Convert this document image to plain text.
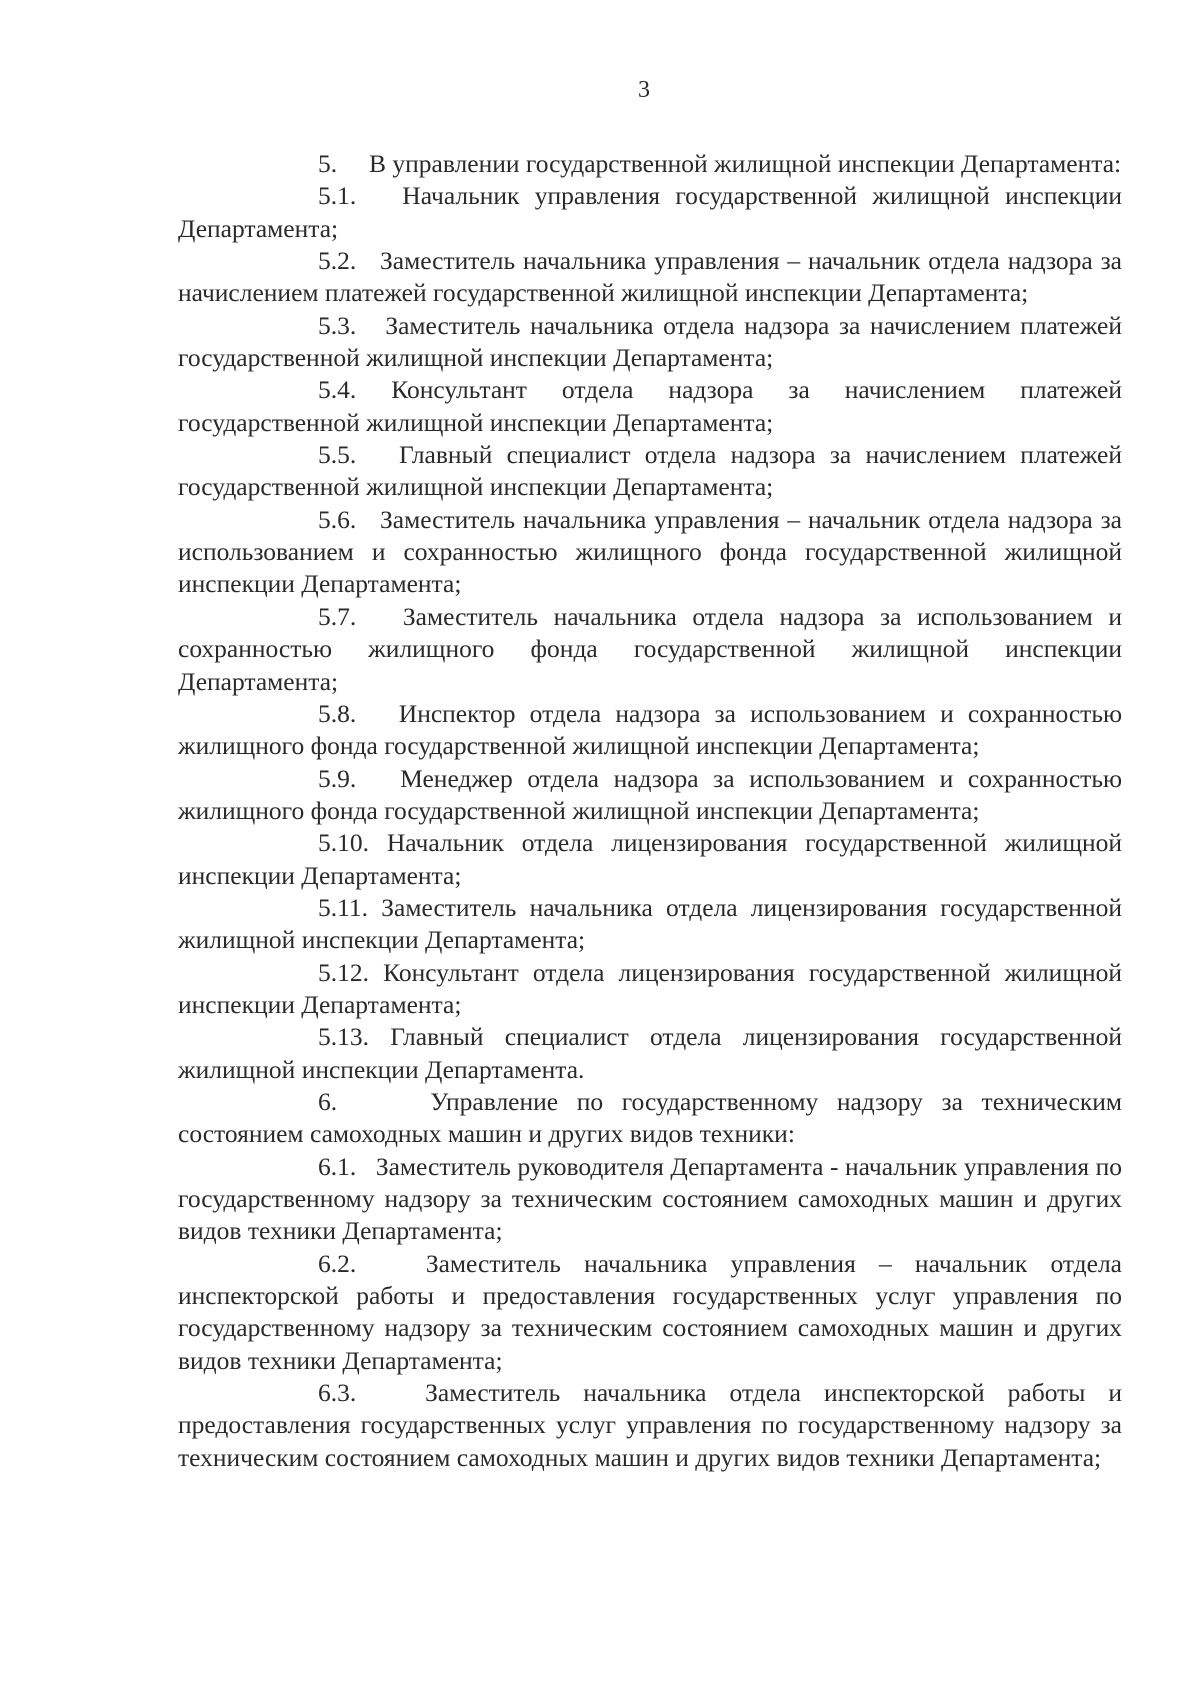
3

5. В управлении государственной жилищной инспекции Департамента:

5.1. Начальник управления государственной жилищной инспекции Департамента;

5.2. Заместитель начальника управления – начальник отдела надзора за начислением платежей государственной жилищной инспекции Департамента;

5.3. Заместитель начальника отдела надзора за начислением платежей государственной жилищной инспекции Департамента;

5.4. Консультант отдела надзора за начислением платежей государственной жилищной инспекции Департамента;

5.5. Главный специалист отдела надзора за начислением платежей государственной жилищной инспекции Департамента;

5.6. Заместитель начальника управления – начальник отдела надзора за использованием и сохранностью жилищного фонда государственной жилищной инспекции Департамента;

5.7. Заместитель начальника отдела надзора за использованием и сохранностью жилищного фонда государственной жилищной инспекции Департамента;

5.8. Инспектор отдела надзора за использованием и сохранностью жилищного фонда государственной жилищной инспекции Департамента;

5.9. Менеджер отдела надзора за использованием и сохранностью жилищного фонда государственной жилищной инспекции Департамента;

5.10. Начальник отдела лицензирования государственной жилищной инспекции Департамента;

5.11. Заместитель начальника отдела лицензирования государственной жилищной инспекции Департамента;

5.12. Консультант отдела лицензирования государственной жилищной инспекции Департамента;

5.13. Главный специалист отдела лицензирования государственной жилищной инспекции Департамента.

6.	Управление по государственному надзору за техническим состоянием самоходных машин и других видов техники:

6.1. Заместитель руководителя Департамента - начальник управления по государственному надзору за техническим состоянием самоходных машин и других видов техники Департамента;

6.2.	Заместитель начальника управления – начальник отдела инспекторской работы и предоставления государственных услуг управления по государственному надзору за техническим состоянием самоходных машин и других видов техники Департамента;

6.3.	Заместитель начальника отдела инспекторской работы и предоставления государственных услуг управления по государственному надзору за техническим состоянием самоходных машин и других видов техники Департамента;
